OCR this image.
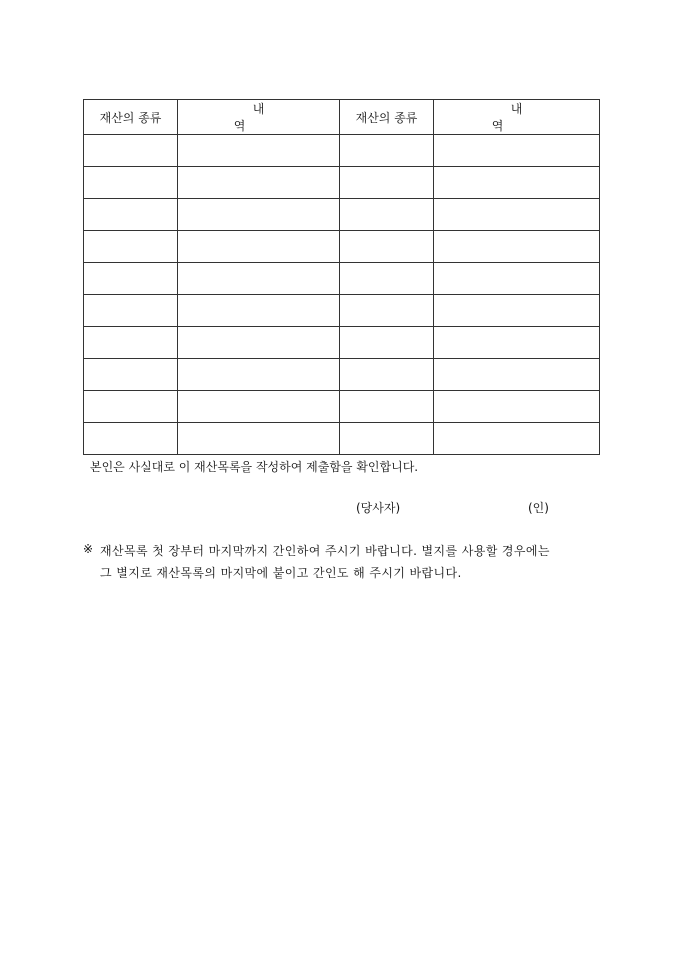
재산의 종류	내 역	재산의 종류	내 역

본인은 사실대로 이 재산목록을 작성하여 제출함을 확인합니다.
(당사자)	(인)
※ 재산목록 첫 장부터 마지막까지 간인하여 주시기 바랍니다. 별지를 사용할 경우에는
그 별지로 재산목록의 마지막에 붙이고 간인도 해 주시기 바랍니다.
